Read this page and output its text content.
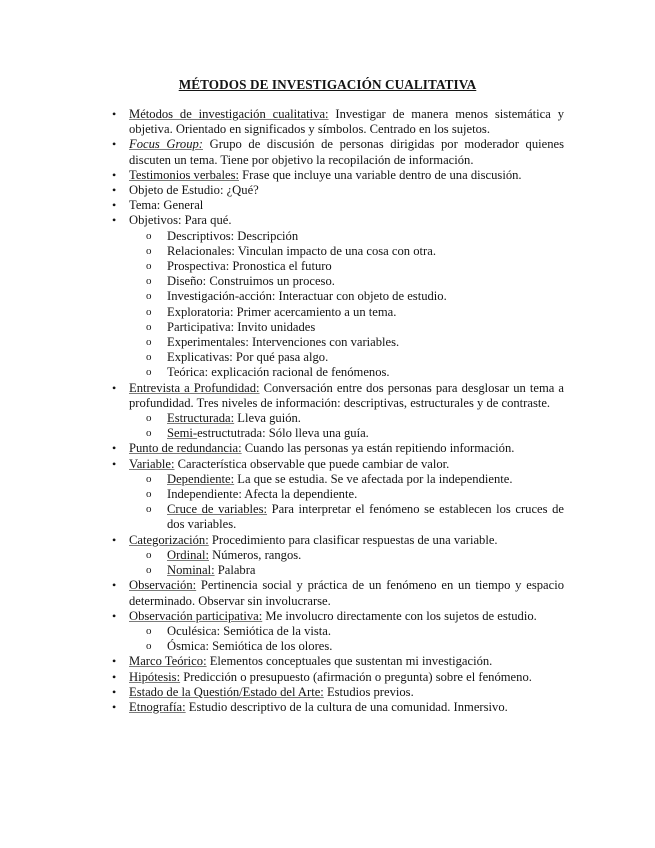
MÉTODOS DE INVESTIGACIÓN CUALITATIVA
• Métodos de investigación cualitativa: Investigar de manera menos sistemática y objetiva. Orientado en significados y símbolos. Centrado en los sujetos.
• Focus Group: Grupo de discusión de personas dirigidas por moderador quienes discuten un tema. Tiene por objetivo la recopilación de información.
• Testimonios verbales: Frase que incluye una variable dentro de una discusión.
• Objeto de Estudio: ¿Qué?
• Tema: General
• Objetivos: Para qué.
o Descriptivos: Descripción
o Relacionales: Vinculan impacto de una cosa con otra.
o Prospectiva: Pronostica el futuro
o Diseño: Construimos un proceso.
o Investigación-acción: Interactuar con objeto de estudio.
o Exploratoria: Primer acercamiento a un tema.
o Participativa: Invito unidades
o Experimentales: Intervenciones con variables.
o Explicativas: Por qué pasa algo.
o Teórica: explicación racional de fenómenos.
• Entrevista a Profundidad: Conversación entre dos personas para desglosar un tema a profundidad. Tres niveles de información: descriptivas, estructurales y de contraste.
o Estructurada: Lleva guión.
o Semi-estructutrada: Sólo lleva una guía.
• Punto de redundancia: Cuando las personas ya están repitiendo información.
• Variable: Característica observable que puede cambiar de valor.
o Dependiente: La que se estudia. Se ve afectada por la independiente.
o Independiente: Afecta la dependiente.
o Cruce de variables: Para interpretar el fenómeno se establecen los cruces de dos variables.
• Categorización: Procedimiento para clasificar respuestas de una variable.
o Ordinal: Números, rangos.
o Nominal: Palabra
• Observación: Pertinencia social y práctica de un fenómeno en un tiempo y espacio determinado. Observar sin involucrarse.
• Observación participativa: Me involucro directamente con los sujetos de estudio.
o Oculésica: Semiótica de la vista.
o Ósmica: Semiótica de los olores.
• Marco Teórico: Elementos conceptuales que sustentan mi investigación.
• Hipótesis: Predicción o presupuesto (afirmación o pregunta) sobre el fenómeno.
• Estado de la Questión/Estado del Arte: Estudios previos.
• Etnografía: Estudio descriptivo de la cultura de una comunidad. Inmersivo.
